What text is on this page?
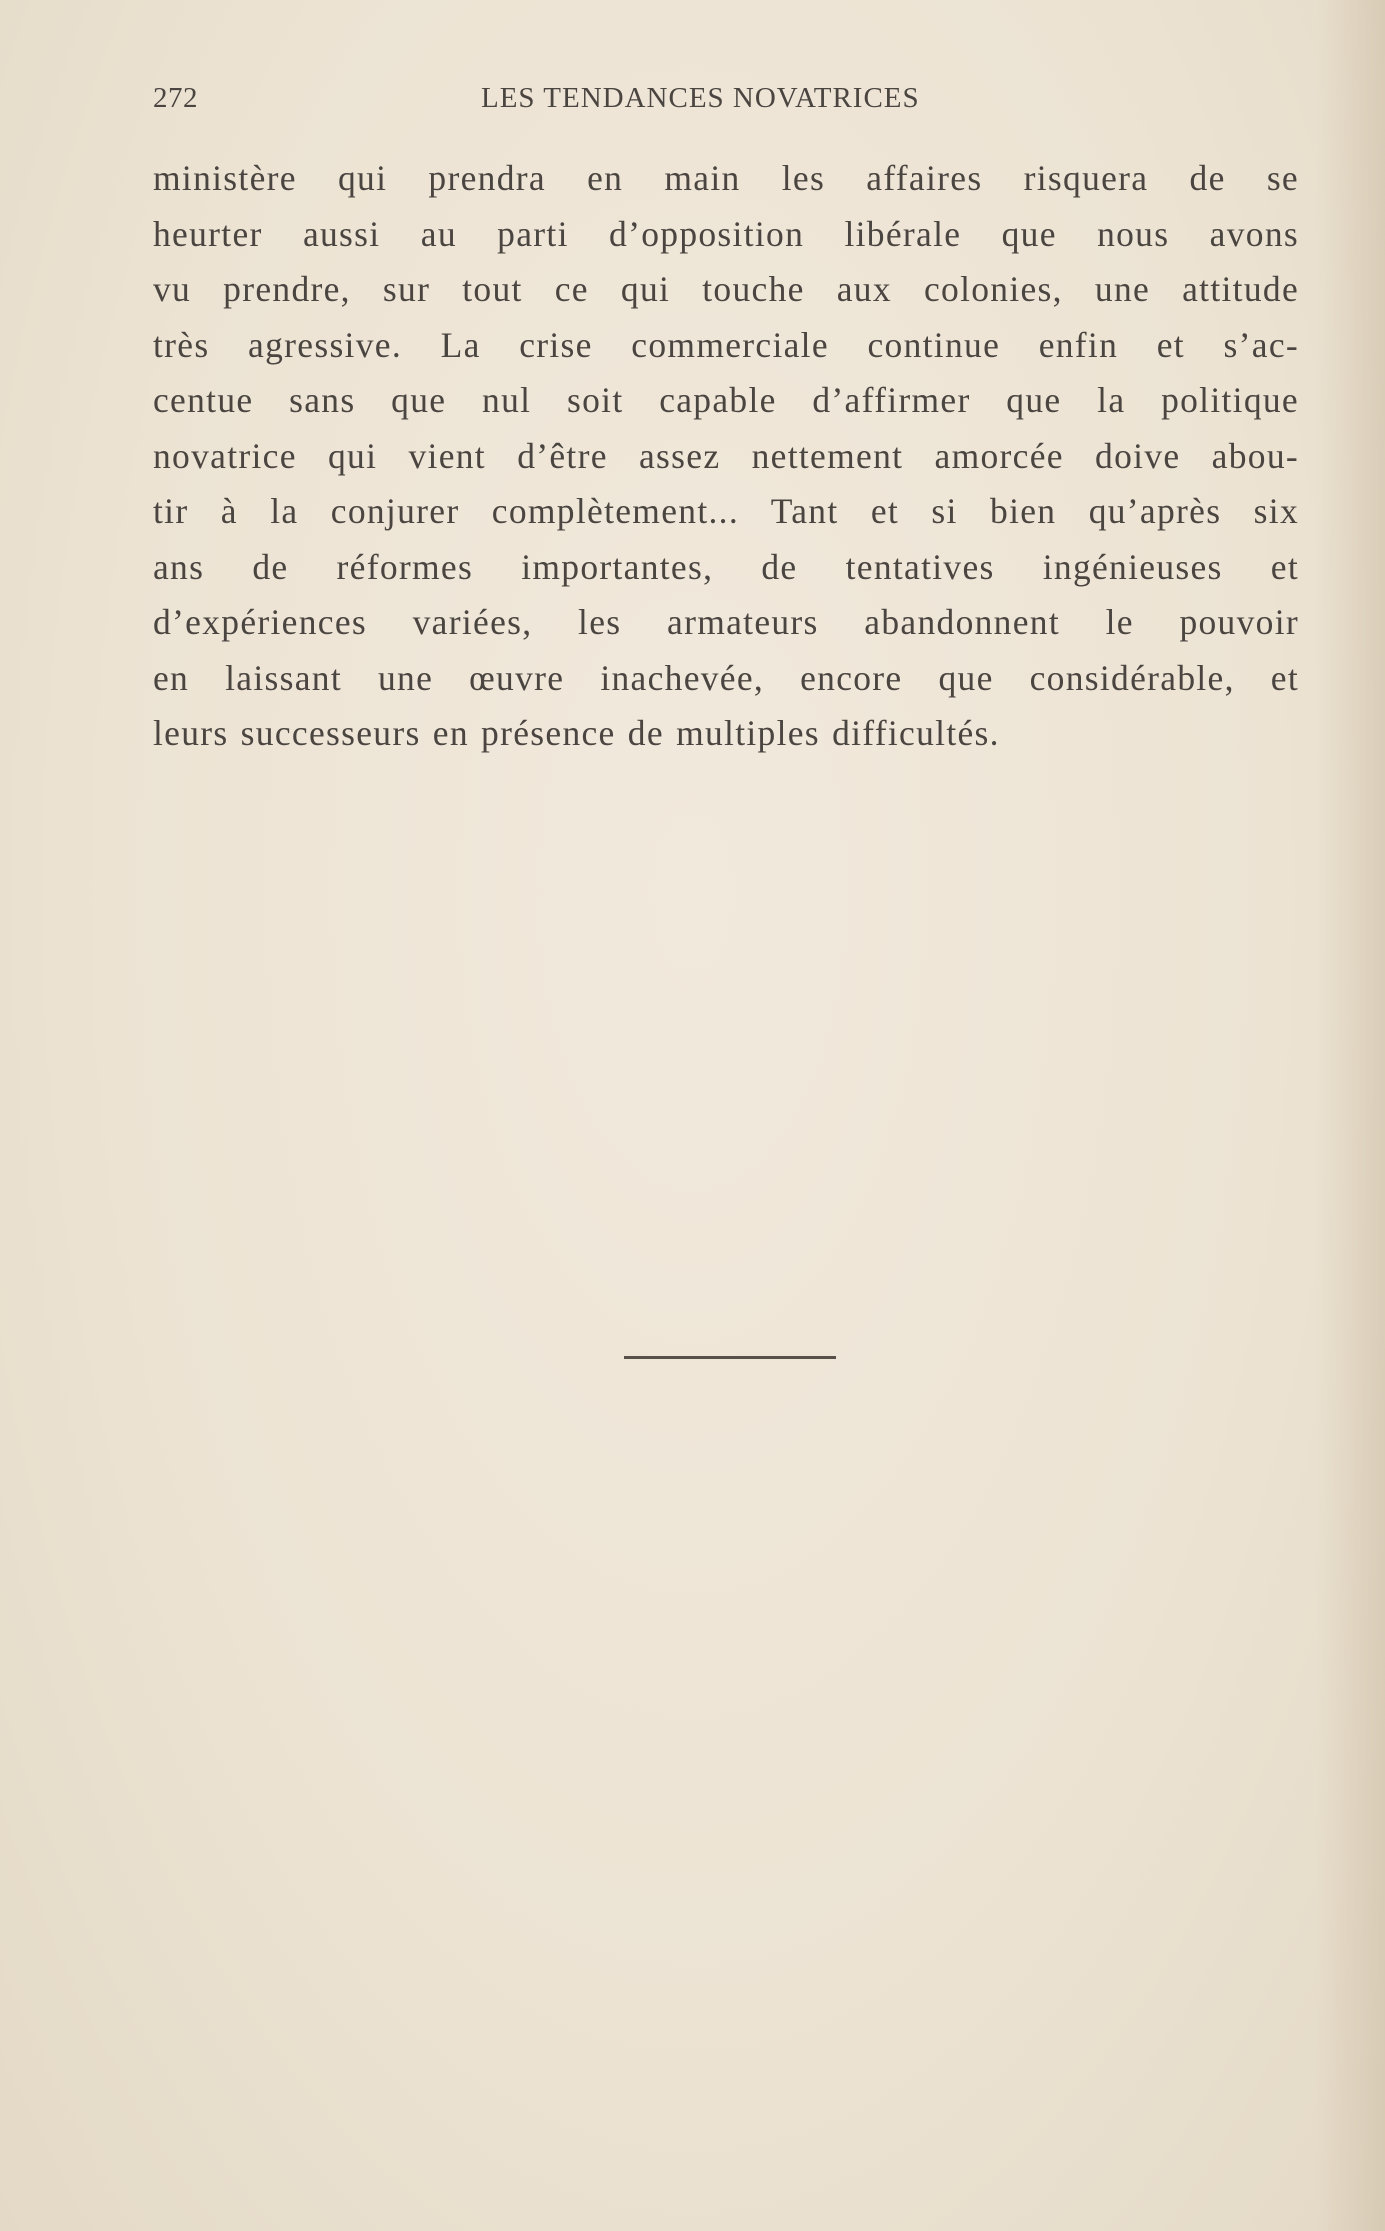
272	LES TENDANCES NOVATRICES
ministère qui prendra en main les affaires risquera de se
heurter aussi au parti d’opposition libérale que nous avons
vu prendre, sur tout ce qui touche aux colonies, une attitude
très agressive. La crise commerciale continue enfin et s’ac-
centue sans que nul soit capable d’affirmer que la politique
novatrice qui vient d’être assez nettement amorcée doive abou-
tir à la conjurer complètement... Tant et si bien qu’après six
ans de réformes importantes, de tentatives ingénieuses et
d’expériences variées, les armateurs abandonnent le pouvoir
en laissant une œuvre inachevée, encore que considérable, et
leurs successeurs en présence de multiples difficultés.
